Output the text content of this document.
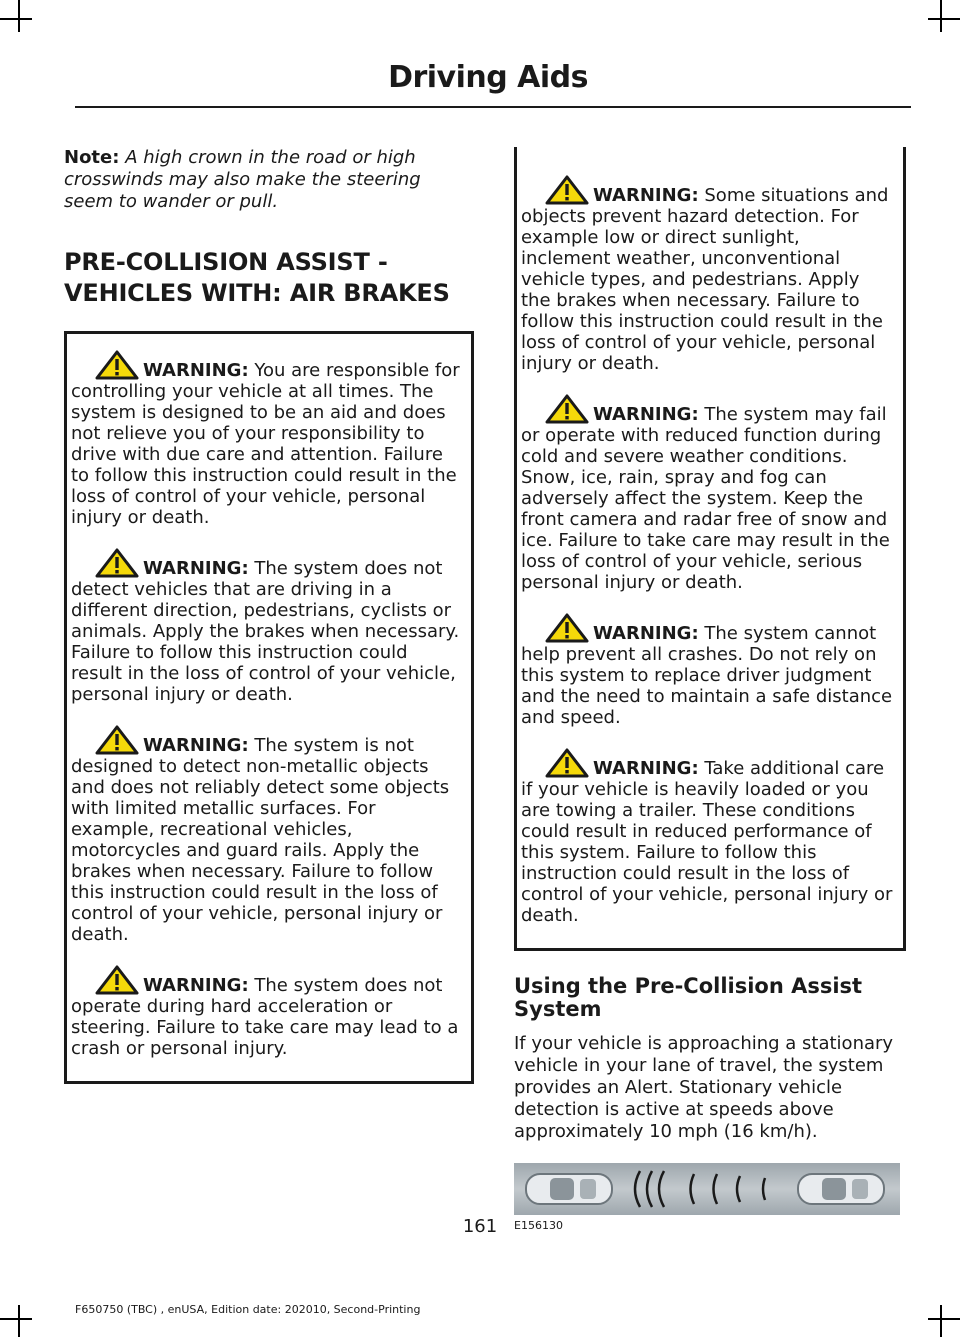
Driving Aids

Note: A high crown in the road or high crosswinds may also make the steering seem to wander or pull.

PRE-COLLISION ASSIST -
VEHICLES WITH: AIR BRAKES

WARNING: You are responsible for controlling your vehicle at all times. The system is designed to be an aid and does not relieve you of your responsibility to drive with due care and attention. Failure to follow this instruction could result in the loss of control of your vehicle, personal injury or death.

WARNING: The system does not detect vehicles that are driving in a different direction, pedestrians, cyclists or animals. Apply the brakes when necessary. Failure to follow this instruction could result in the loss of control of your vehicle, personal injury or death.

WARNING: The system is not designed to detect non-metallic objects and does not reliably detect some objects with limited metallic surfaces. For example, recreational vehicles, motorcycles and guard rails. Apply the brakes when necessary. Failure to follow this instruction could result in the loss of control of your vehicle, personal injury or death.

WARNING: The system does not operate during hard acceleration or steering. Failure to take care may lead to a crash or personal injury.

WARNING: Some situations and objects prevent hazard detection. For example low or direct sunlight, inclement weather, unconventional vehicle types, and pedestrians. Apply the brakes when necessary. Failure to follow this instruction could result in the loss of control of your vehicle, personal injury or death.

WARNING: The system may fail or operate with reduced function during cold and severe weather conditions. Snow, ice, rain, spray and fog can adversely affect the system. Keep the front camera and radar free of snow and ice. Failure to take care may result in the loss of control of your vehicle, serious personal injury or death.

WARNING: The system cannot help prevent all crashes. Do not rely on this system to replace driver judgment and the need to maintain a safe distance and speed.

WARNING: Take additional care if your vehicle is heavily loaded or you are towing a trailer. These conditions could result in reduced performance of this system. Failure to follow this instruction could result in the loss of control of your vehicle, personal injury or death.

Using the Pre-Collision Assist System

If your vehicle is approaching a stationary vehicle in your lane of travel, the system provides an Alert. Stationary vehicle detection is active at speeds above approximately 10 mph (16 km/h).

E156130
161
F650750 (TBC) , enUSA, Edition date: 202010, Second-Printing
